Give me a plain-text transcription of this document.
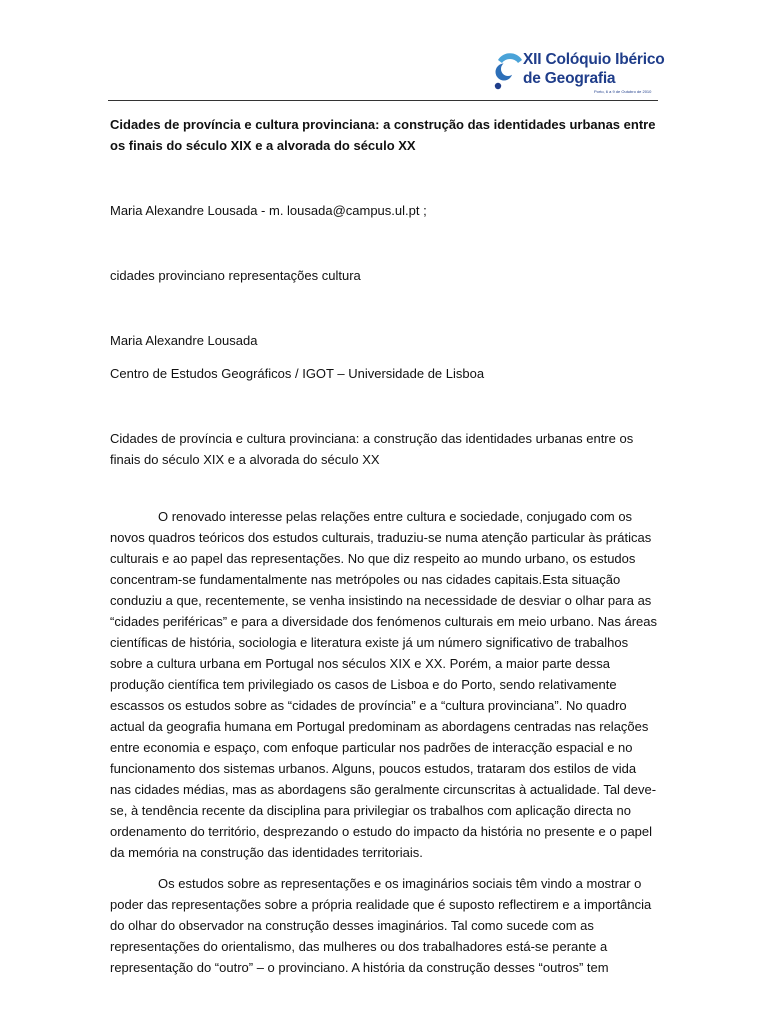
XII Colóquio Ibérico
de Geografia
Porto, 6 a 9 de Outubro de 2010

Cidades de província e cultura provinciana: a construção das identidades urbanas entre os finais do século XIX e a alvorada do século XX

Maria Alexandre Lousada - m. lousada@campus.ul.pt ;

cidades provinciano representações cultura

Maria Alexandre Lousada

Centro de Estudos Geográficos / IGOT – Universidade de Lisboa

Cidades de província e cultura provinciana: a construção das identidades urbanas entre os finais do século XIX e a alvorada do século XX

O renovado interesse pelas relações entre cultura e sociedade, conjugado com os novos quadros teóricos dos estudos culturais, traduziu-se numa atenção particular às práticas culturais e ao papel das representações. No que diz respeito ao mundo urbano, os estudos concentram-se fundamentalmente nas metrópoles ou nas cidades capitais.Esta situação conduziu a que, recentemente, se venha insistindo na necessidade de desviar o olhar para as “cidades periféricas” e para a diversidade dos fenómenos culturais em meio urbano. Nas áreas científicas de história, sociologia e literatura existe já um número significativo de trabalhos sobre a cultura urbana em Portugal nos séculos XIX e XX. Porém, a maior parte dessa produção científica tem privilegiado os casos de Lisboa e do Porto, sendo relativamente escassos os estudos sobre as “cidades de província” e a “cultura provinciana”. No quadro actual da geografia humana em Portugal predominam as abordagens centradas nas relações entre economia e espaço, com enfoque particular nos padrões de interacção espacial e no funcionamento dos sistemas urbanos. Alguns, poucos estudos, trataram dos estilos de vida nas cidades médias, mas as abordagens são geralmente circunscritas à actualidade. Tal deve-se, à tendência recente da disciplina para privilegiar os trabalhos com aplicação directa no ordenamento do território, desprezando o estudo do impacto da história no presente e o papel da memória na construção das identidades territoriais.

Os estudos sobre as representações e os imaginários sociais têm vindo a mostrar o poder das representações sobre a própria realidade que é suposto reflectirem e a importância do olhar do observador na construção desses imaginários. Tal como sucede com as representações do orientalismo, das mulheres ou dos trabalhadores está-se perante a representação do “outro” – o provinciano. A história da construção desses “outros” tem
